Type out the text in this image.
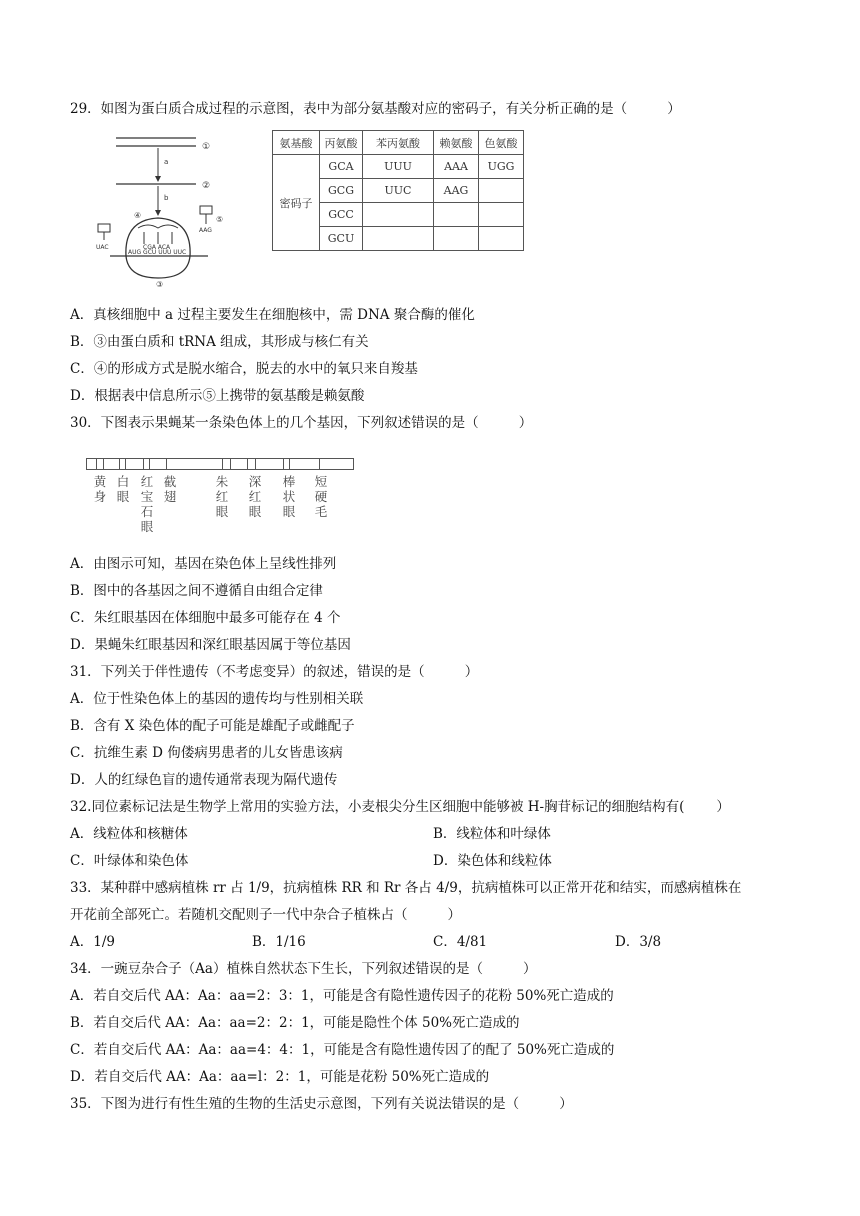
29．如图为蛋白质合成过程的示意图，表中为部分氨基酸对应的密码子，有关分析正确的是（	）
①
a
②
b
④
CGA ACA
AUG GCU UUU UUC
UAC
AAG
⑤
③
氨基酸	丙氨酸	苯丙氨酸	赖氨酸	色氨酸
密码子	GCA	UUU	AAA	UGG
	GCG	UUC	AAG	
	GCC			
	GCU			
A．真核细胞中 a 过程主要发生在细胞核中，需 DNA 聚合酶的催化
B．③由蛋白质和 tRNA 组成，其形成与核仁有关
C．④的形成方式是脱水缩合，脱去的水中的氧只来自羧基
D．根据表中信息所示⑤上携带的氨基酸是赖氨酸
30．下图表示果蝇某一条染色体上的几个基因，下列叙述错误的是（	）
黄身
白眼
红宝石眼
截翅
朱红眼
深红眼
棒状眼
短硬毛
A．由图示可知，基因在染色体上呈线性排列
B．图中的各基因之间不遵循自由组合定律
C．朱红眼基因在体细胞中最多可能存在 4 个
D．果蝇朱红眼基因和深红眼基因属于等位基因
31．下列关于伴性遗传（不考虑变异）的叙述，错误的是（	）
A．位于性染色体上的基因的遗传均与性别相关联
B．含有 X 染色体的配子可能是雄配子或雌配子
C．抗维生素 D 佝偻病男患者的儿女皆患该病
D．人的红绿色盲的遗传通常表现为隔代遗传
32.同位素标记法是生物学上常用的实验方法，小麦根尖分生区细胞中能够被 H-胸苷标记的细胞结构有( ）
A．线粒体和核糖体	B．线粒体和叶绿体
C．叶绿体和染色体	D．染色体和线粒体
33．某种群中感病植株 rr 占 1/9，抗病植株 RR 和 Rr 各占 4/9，抗病植株可以正常开花和结实，而感病植株在
开花前全部死亡。若随机交配则子一代中杂合子植株占（	）
A．1/9	B．1/16	C．4/81	D．3/8
34．一豌豆杂合子（Aa）植株自然状态下生长，下列叙述错误的是（	）
A．若自交后代 AA：Aa：aa=2：3：1，可能是含有隐性遗传因子的花粉 50%死亡造成的
B．若自交后代 AA：Aa：aa=2：2：1，可能是隐性个体 50%死亡造成的
C．若自交后代 AA：Aa：aa=4：4：1，可能是含有隐性遗传因了的配了 50%死亡造成的
D．若自交后代 AA：Aa：aa=l：2：1，可能是花粉 50%死亡造成的
35．下图为进行有性生殖的生物的生活史示意图，下列有关说法错误的是（	）
